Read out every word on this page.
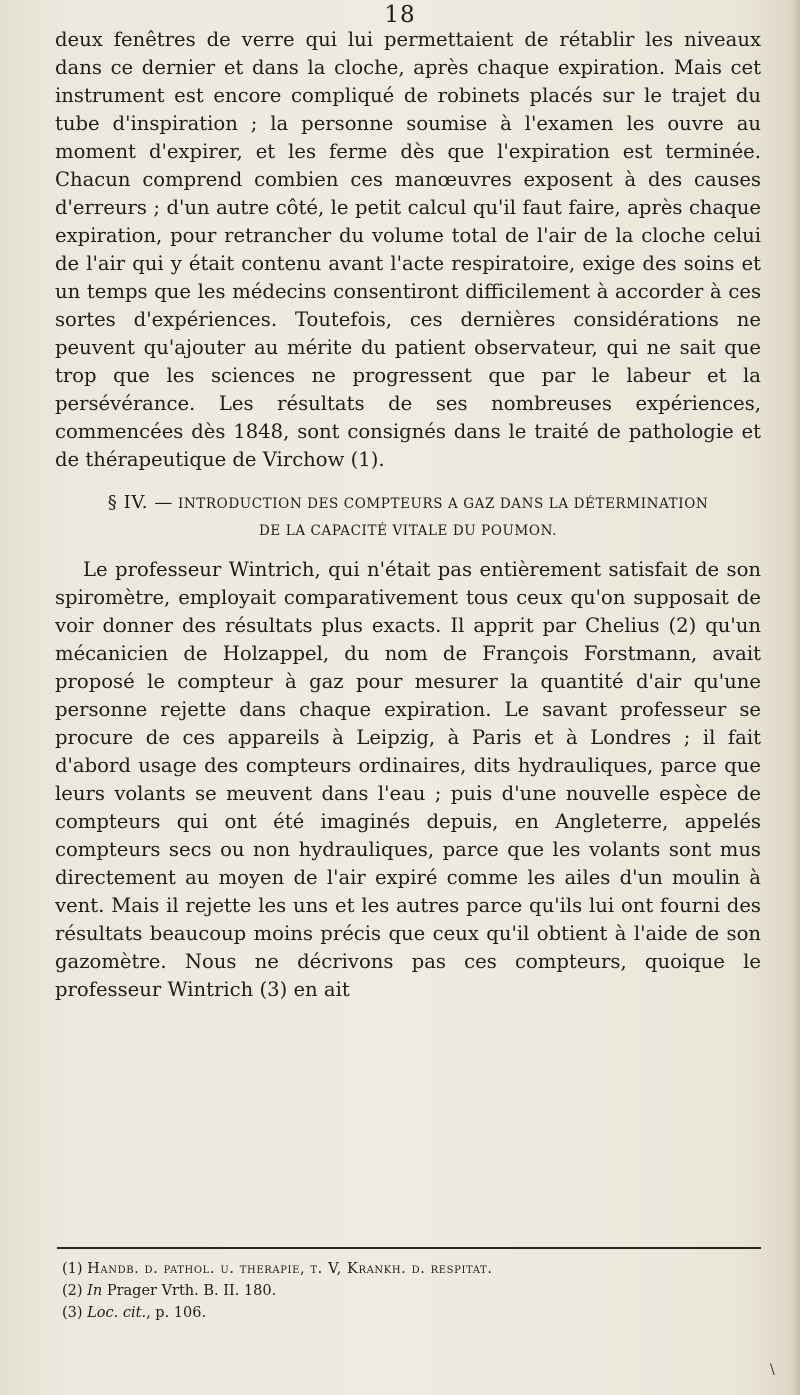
18

deux fenêtres de verre qui lui permettaient de rétablir les niveaux dans ce dernier et dans la cloche, après chaque expiration. Mais cet instrument est encore compliqué de robinets placés sur le trajet du tube d'inspiration ; la personne soumise à l'examen les ouvre au moment d'expirer, et les ferme dès que l'expiration est terminée. Chacun comprend combien ces manœuvres exposent à des causes d'erreurs ; d'un autre côté, le petit calcul qu'il faut faire, après chaque expiration, pour retrancher du volume total de l'air de la cloche celui de l'air qui y était contenu avant l'acte respiratoire, exige des soins et un temps que les médecins consentiront difficilement à accorder à ces sortes d'expériences. Toutefois, ces dernières considérations ne peuvent qu'ajouter au mérite du patient observateur, qui ne sait que trop que les sciences ne progressent que par le labeur et la persévérance. Les résultats de ses nombreuses expériences, commencées dès 1848, sont consignés dans le traité de pathologie et de thérapeutique de Virchow (1).

§ IV. — INTRODUCTION DES COMPTEURS A GAZ DANS LA DÉTERMINATION
DE LA CAPACITÉ VITALE DU POUMON.

Le professeur Wintrich, qui n'était pas entièrement satisfait de son spiromètre, employait comparativement tous ceux qu'on supposait de voir donner des résultats plus exacts. Il apprit par Chelius (2) qu'un mécanicien de Holzappel, du nom de François Forstmann, avait proposé le compteur à gaz pour mesurer la quantité d'air qu'une personne rejette dans chaque expiration. Le savant professeur se procure de ces appareils à Leipzig, à Paris et à Londres ; il fait d'abord usage des compteurs ordinaires, dits hydrauliques, parce que leurs volants se meuvent dans l'eau ; puis d'une nouvelle espèce de compteurs qui ont été imaginés depuis, en Angleterre, appelés compteurs secs ou non hydrauliques, parce que les volants sont mus directement au moyen de l'air expiré comme les ailes d'un moulin à vent. Mais il rejette les uns et les autres parce qu'ils lui ont fourni des résultats beaucoup moins précis que ceux qu'il obtient à l'aide de son gazomètre. Nous ne décrivons pas ces compteurs, quoique le professeur Wintrich (3) en ait

(1) Handb. d. pathol. u. therapie, t. V, Krankh. d. respitat.

(2) In Prager Vrth. B. II. 180.

(3) Loc. cit., p. 106.

\
